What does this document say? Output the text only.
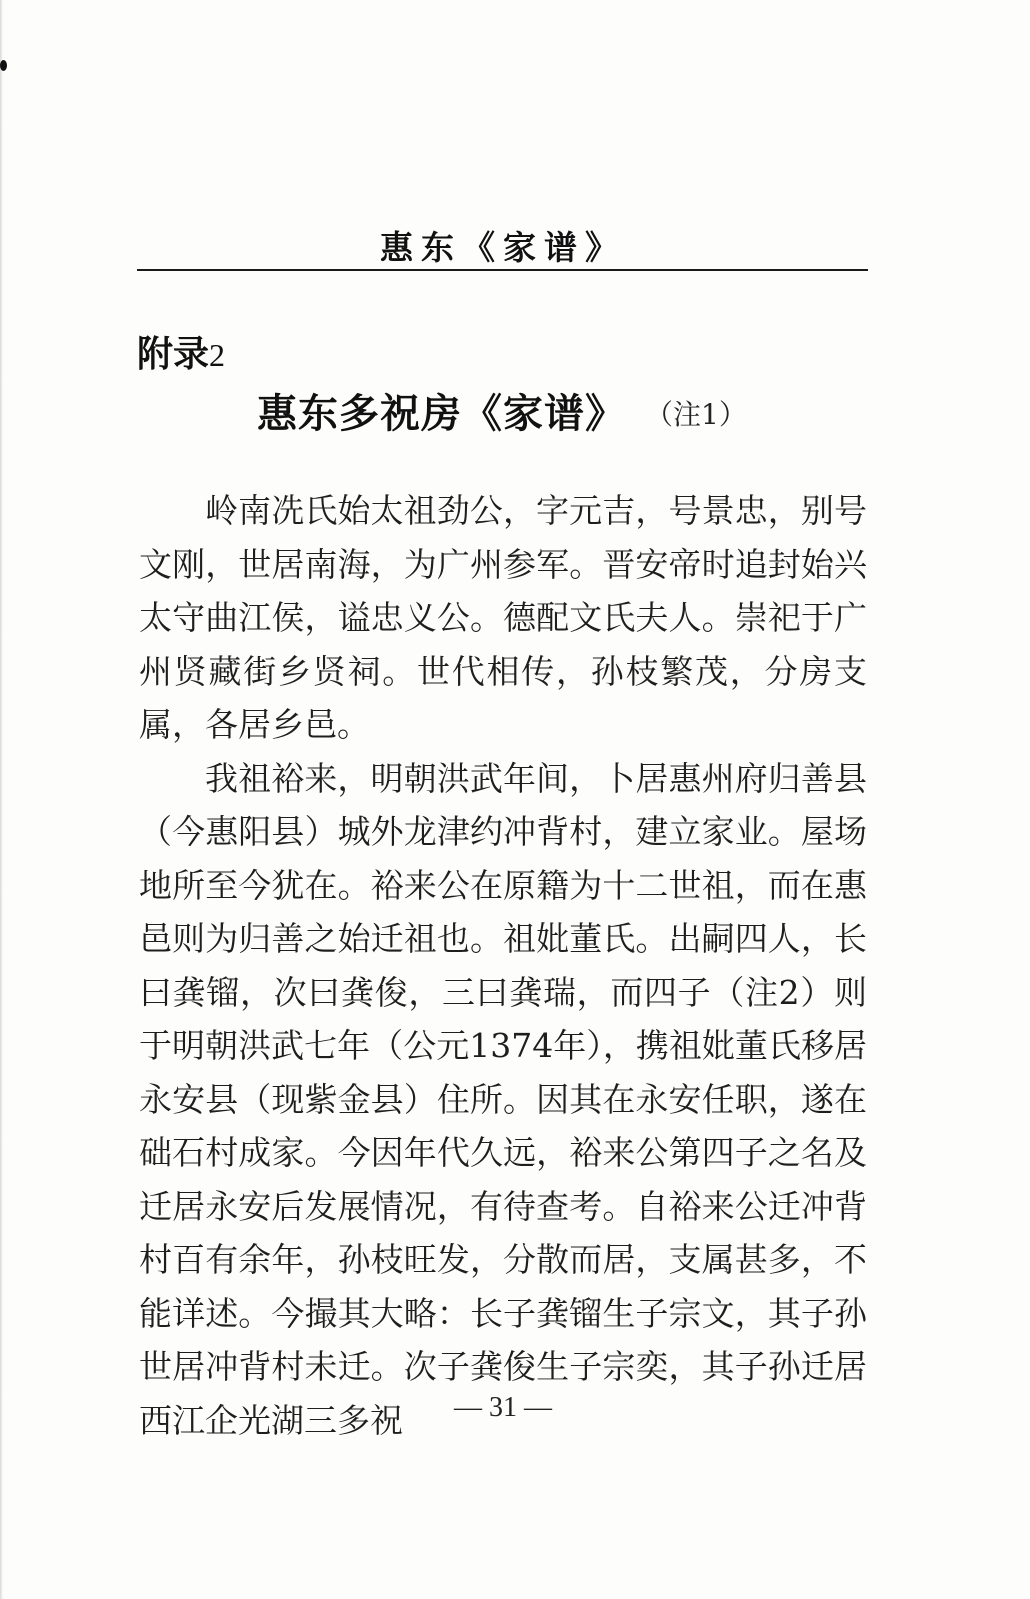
惠东《家谱》
附录2
惠东多祝房《家谱》 （注1）

岭南冼氏始太祖劲公，字元吉，号景忠，别号文刚，世居南海，为广州参军。晋安帝时追封始兴太守曲江侯，谥忠义公。德配文氏夫人。崇祀于广州贤藏街乡贤祠。世代相传，孙枝繁茂，分房支属，各居乡邑。

我祖裕来，明朝洪武年间，卜居惠州府归善县（今惠阳县）城外龙津约冲背村，建立家业。屋场地所至今犹在。裕来公在原籍为十二世祖，而在惠邑则为归善之始迁祖也。祖妣董氏。出嗣四人，长曰龚镏，次曰龚俊，三曰龚瑞，而四子（注2）则于明朝洪武七年（公元1374年），携祖妣董氏移居永安县（现紫金县）住所。因其在永安任职，遂在础石村成家。今因年代久远，裕来公第四子之名及迁居永安后发展情况，有待查考。自裕来公迁冲背村百有余年，孙枝旺发，分散而居，支属甚多，不能详述。今撮其大略：长子龚镏生子宗文，其子孙世居冲背村未迁。次子龚俊生子宗奕，其子孙迁居西江企光湖三多祝	— 31 —
